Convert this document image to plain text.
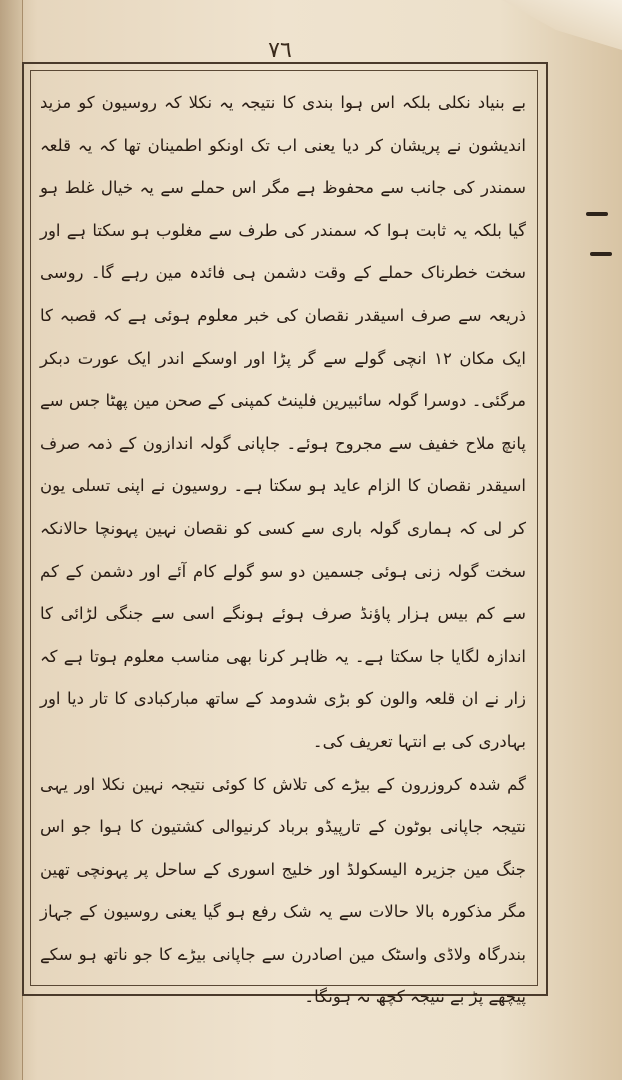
٧٦

بے بنیاد نکلی بلکہ اس ہوا بندی کا نتیجہ یہ نکلا کہ روسیون کو مزید اندیشون نے پریشان کر دیا یعنی اب تک اونکو اطمینان تھا کہ یہ قلعہ سمندر کی جانب سے محفوظ ہے مگر اس حملے سے یہ خیال غلط ہو گیا بلکہ یہ ثابت ہوا کہ سمندر کی طرف سے مغلوب ہو سکتا ہے اور سخت خطرناک حملے کے وقت دشمن ہی فائدہ مین رہے گا۔ روسی ذریعہ سے صرف اسیقدر نقصان کی خبر معلوم ہوئی ہے کہ قصبہ کا ایک مکان ۱۲ انچی گولے سے گر پڑا اور اوسکے اندر ایک عورت دبکر مرگئی۔ دوسرا گولہ سائبیرین فلینٹ کمپنی کے صحن مین پھٹا جس سے پانچ ملاح خفیف سے مجروح ہوئے۔ جاپانی گولہ اندازون کے ذمہ صرف اسیقدر نقصان کا الزام عاید ہو سکتا ہے۔ روسیون نے اپنی تسلی یون کر لی کہ ہماری گولہ باری سے کسی کو نقصان نہین پہونچا حالانکہ سخت گولہ زنی ہوئی جسمین دو سو گولے کام آئے اور دشمن کے کم سے کم بیس ہزار پاؤنڈ صرف ہوئے ہونگے اسی سے جنگی لڑائی کا اندازہ لگایا جا سکتا ہے۔ یہ ظاہر کرنا بھی مناسب معلوم ہوتا ہے کہ زار نے ان قلعہ والون کو بڑی شدومد کے ساتھ مبارکبادی کا تار دیا اور بہادری کی بے انتہا تعریف کی۔

گم شدہ کروزرون کے بیڑے کی تلاش کا کوئی نتیجہ نہین نکلا اور یہی نتیجہ جاپانی بوٹون کے تارپیڈو برباد کرنیوالی کشتیون کا ہوا جو اس جنگ مین جزیرہ الیسکولڈ اور خلیج اسوری کے ساحل پر پہونچی تھین مگر مذکورہ بالا حالات سے یہ شک رفع ہو گیا یعنی روسیون کے جہاز بندرگاہ ولاڈی واسٹک مین اصادرن سے جاپانی بیڑے کا جو ناتھ ہو سکے پیچھے پڑ بے نتیجہ کچھ نہ ہونگا۔
